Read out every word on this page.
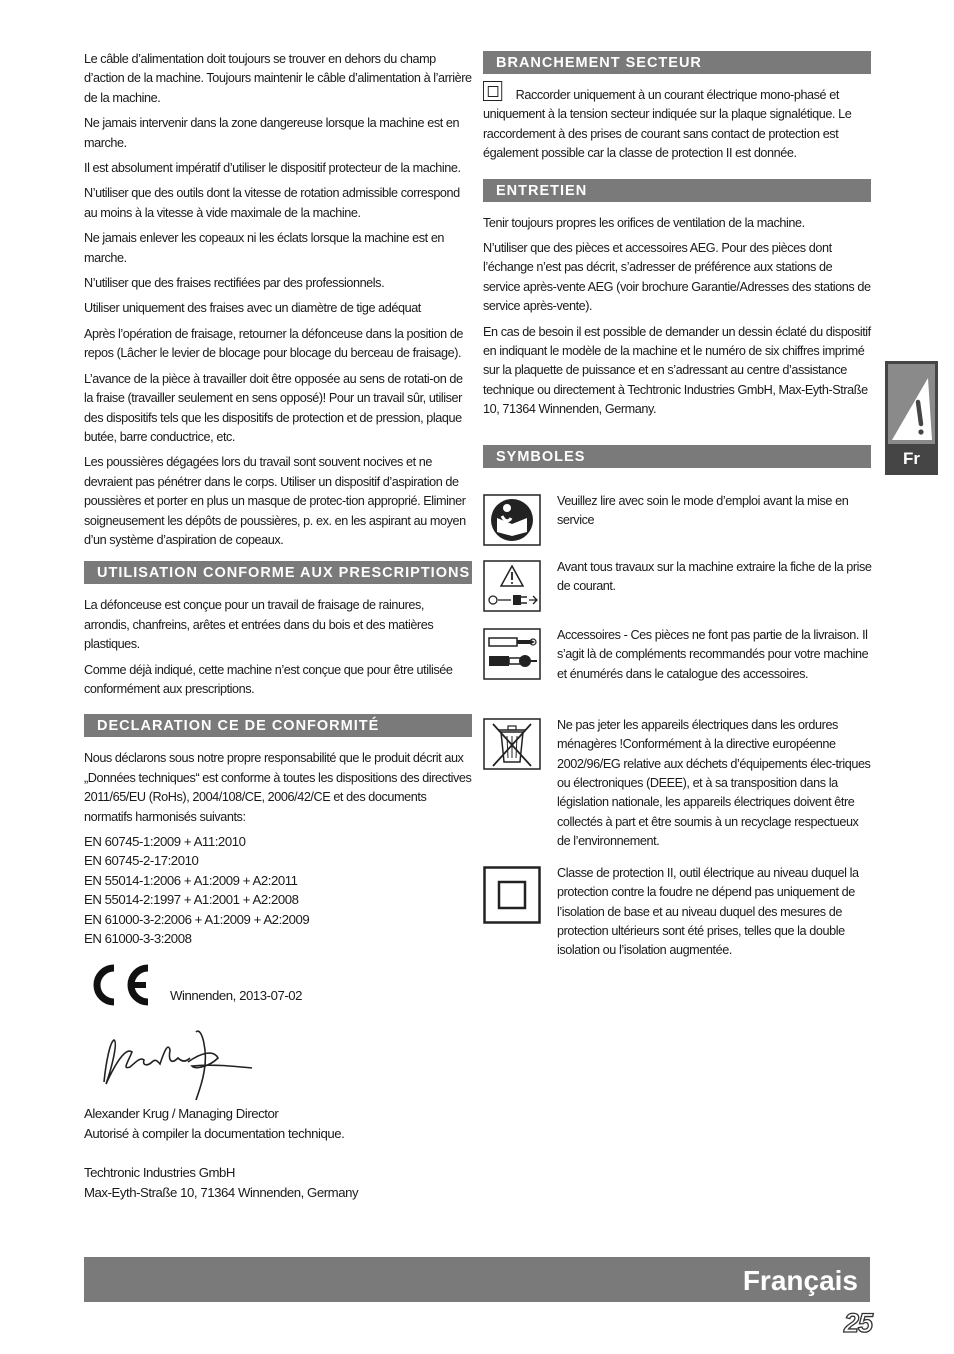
Le câble d’alimentation doit toujours se trouver en dehors du champ d’action de la machine. Toujours maintenir le câble d’alimentation à l’arrière de la machine.

Ne jamais intervenir dans la zone dangereuse lorsque la machine est en marche.

Il est absolument impératif d’utiliser le dispositif protecteur de la machine.

N’utiliser que des outils dont la vitesse de rotation admissible correspond au moins à la vitesse à vide maximale de la machine.

Ne jamais enlever les copeaux ni les éclats lorsque la machine est en marche.

N’utiliser que des fraises rectifiées par des professionnels.

Utiliser uniquement des fraises avec un diamètre de tige adéquat

Après l’opération de fraisage, retourner la défonceuse dans la position de repos (Lâcher le levier de blocage pour blocage du berceau de fraisage).

L’avance de la pièce à travailler doit être opposée au sens de rotati-on de la fraise (travailler seulement en sens opposé)! Pour un travail sûr, utiliser des dispositifs tels que les dispositifs de protection et de pression, plaque butée, barre conductrice, etc.

Les poussières dégagées lors du travail sont souvent nocives et ne devraient pas pénétrer dans le corps. Utiliser un dispositif d’aspiration de poussières et porter en plus un masque de protec-tion approprié. Eliminer soigneusement les dépôts de poussières, p. ex. en les aspirant au moyen d’un système d’aspiration de copeaux.

UTILISATION CONFORME AUX PRESCRIPTIONS

La défonceuse est conçue pour un travail de fraisage de rainures, arrondis, chanfreins, arêtes et entrées dans du bois et des matières plastiques.

Comme déjà indiqué, cette machine n’est conçue que pour être utilisée conformément aux prescriptions.

DECLARATION CE DE CONFORMITÉ

Nous déclarons sous notre propre responsabilité que le produit décrit aux „Données techniques“ est conforme à toutes les dispositions des directives 2011/65/EU (RoHs), 2004/108/CE, 2006/42/CE et des documents normatifs harmonisés suivants:

EN 60745-1:2009 + A11:2010
EN 60745-2-17:2010
EN 55014-1:2006 + A1:2009 + A2:2011
EN 55014-2:1997 + A1:2001 + A2:2008
EN 61000-3-2:2006 + A1:2009 + A2:2009
EN 61000-3-3:2008
Winnenden, 2013-07-02
Alexander Krug / Managing Director
Autorisé à compiler la documentation technique.
Techtronic Industries GmbH
Max-Eyth-Straße 10, 71364 Winnenden, Germany
BRANCHEMENT SECTEUR

Raccorder uniquement à un courant électrique mono-phasé et uniquement à la tension secteur indiquée sur la plaque signalétique. Le raccordement à des prises de courant sans contact de protection est également possible car la classe de protection II est donnée.

ENTRETIEN

Tenir toujours propres les orifices de ventilation de la machine.

N’utiliser que des pièces et accessoires AEG. Pour des pièces dont l’échange n’est pas décrit, s’adresser de préférence aux stations de service après-vente AEG (voir brochure Garantie/Adresses des stations de service après-vente).

En cas de besoin il est possible de demander un dessin éclaté du dispositif en indiquant le modèle de la machine et le numéro de six chiffres imprimé sur la plaquette de puissance et en s’adressant au centre d’assistance technique ou directement à Techtronic Industries GmbH, Max-Eyth-Straße 10, 71364 Winnenden, Germany.

SYMBOLES

Veuillez lire avec soin le mode d’emploi avant la mise en service

Avant tous travaux sur la machine extraire la fiche de la prise de courant.

Accessoires - Ces pièces ne font pas partie de la livraison. Il s’agit là de compléments recommandés pour votre machine et énumérés dans le catalogue des accessoires.

Ne pas jeter les appareils électriques dans les ordures ménagères !Conformément à la directive européenne 2002/96/EG relative aux déchets d’équipements élec-triques ou électroniques (DEEE), et à sa transposition dans la législation nationale, les appareils électriques doivent être collectés à part et être soumis à un recyclage respectueux de l’environnement.

Classe de protection II, outil électrique au niveau duquel la protection contre la foudre ne dépend pas uniquement de l’isolation de base et au niveau duquel des mesures de protection ultérieurs sont été prises, telles que la double isolation ou l’isolation augmentée.

Fr
Français
25
